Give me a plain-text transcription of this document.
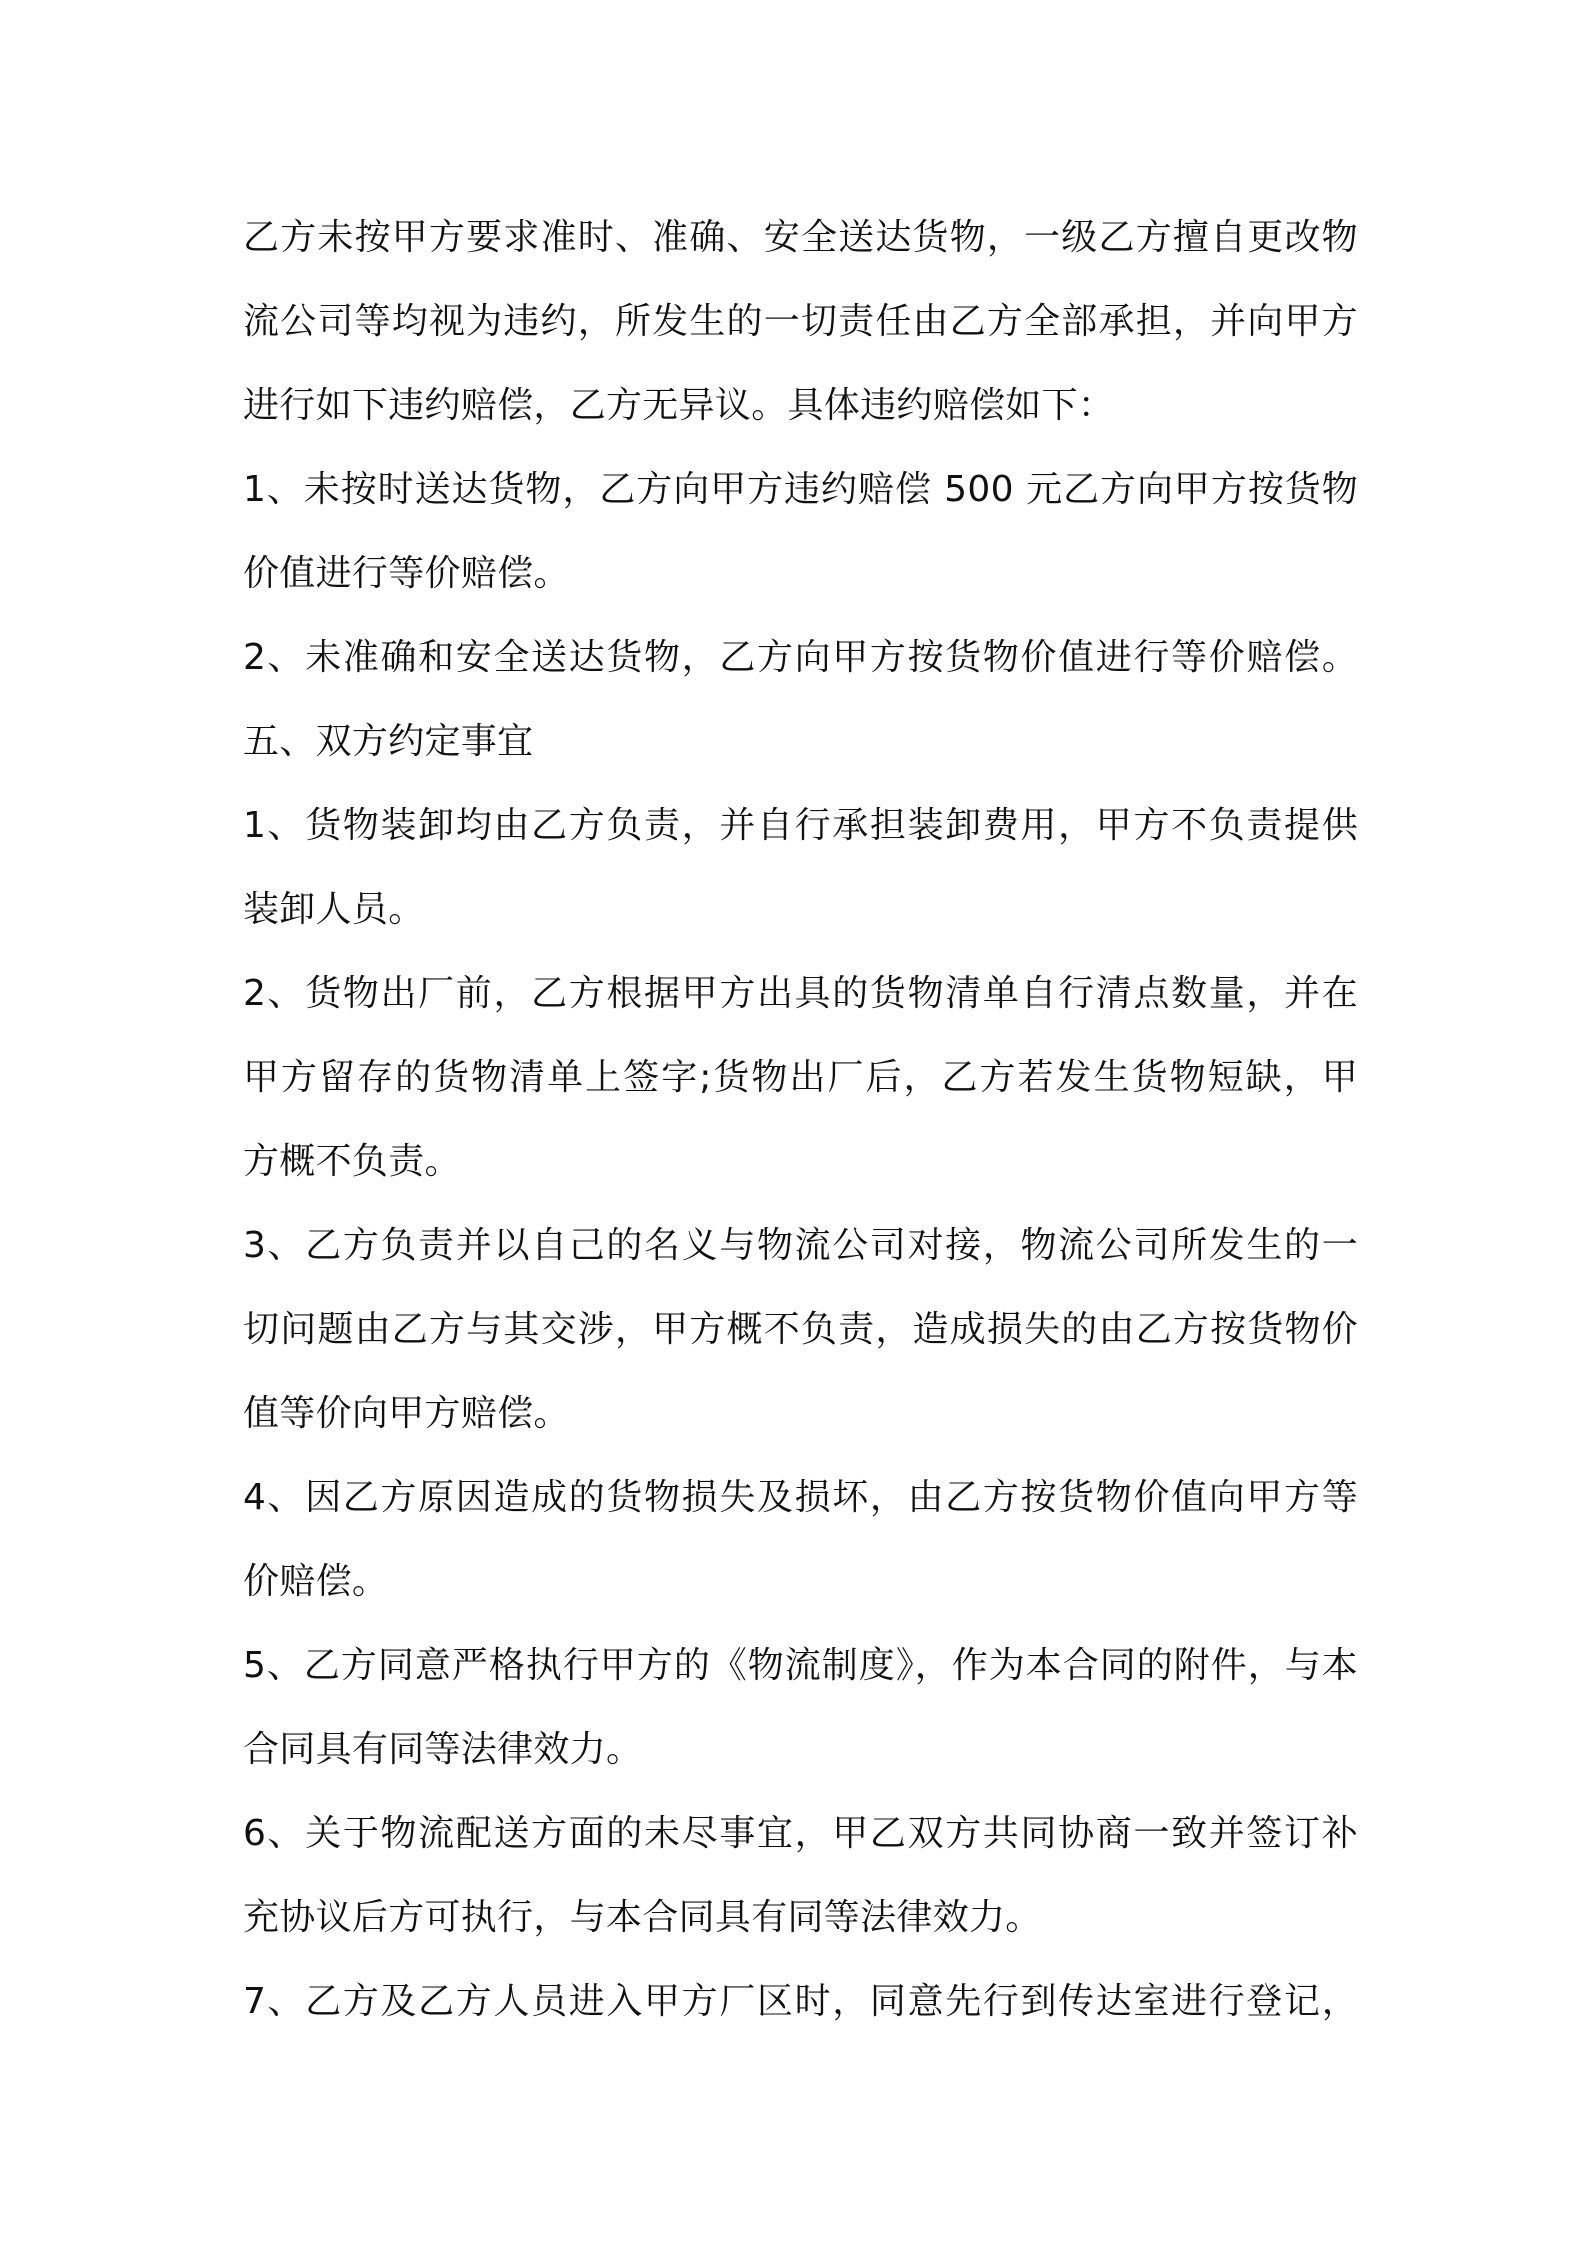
乙方未按甲方要求准时、准确、安全送达货物，一级乙方擅自更改物
流公司等均视为违约，所发生的一切责任由乙方全部承担，并向甲方
进行如下违约赔偿，乙方无异议。具体违约赔偿如下：
1、未按时送达货物，乙方向甲方违约赔偿 500 元乙方向甲方按货物
价值进行等价赔偿。
2、未准确和安全送达货物，乙方向甲方按货物价值进行等价赔偿。
五、双方约定事宜
1、货物装卸均由乙方负责，并自行承担装卸费用，甲方不负责提供
装卸人员。
2、货物出厂前，乙方根据甲方出具的货物清单自行清点数量，并在
甲方留存的货物清单上签字;货物出厂后，乙方若发生货物短缺，甲
方概不负责。
3、乙方负责并以自己的名义与物流公司对接，物流公司所发生的一
切问题由乙方与其交涉，甲方概不负责，造成损失的由乙方按货物价
值等价向甲方赔偿。
4、因乙方原因造成的货物损失及损坏，由乙方按货物价值向甲方等
价赔偿。
5、乙方同意严格执行甲方的《物流制度》，作为本合同的附件，与本
合同具有同等法律效力。
6、关于物流配送方面的未尽事宜，甲乙双方共同协商一致并签订补
充协议后方可执行，与本合同具有同等法律效力。
7、乙方及乙方人员进入甲方厂区时，同意先行到传达室进行登记，
